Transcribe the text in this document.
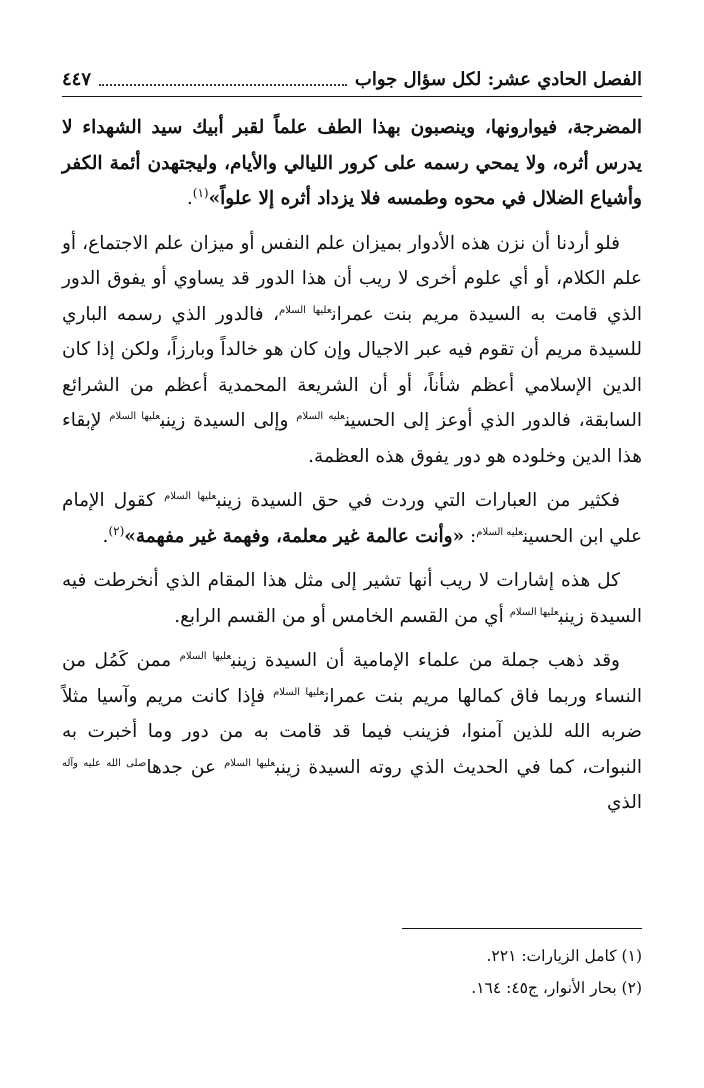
الفصل الحادي عشر: لكل سؤال جواب
٤٤٧

المضرجة، فيوارونها، وينصبون بهذا الطف علماً لقبر أبيك سيد الشهداء لا يدرس أثره، ولا يمحي رسمه على كرور الليالي والأيام، وليجتهدن أئمة الكفر وأشياع الضلال في محوه وطمسه فلا يزداد أثره إلا علواً»$^{(١)}$.

فلو أردنا أن نزن هذه الأدوار بميزان علم النفس أو ميزان علم الاجتماع، أو علم الكلام، أو أي علوم أخرى لا ريب أن هذا الدور قد يساوي أو يفوق الدور الذي قامت به السيدة مريم بنت عمران$^{عليها السلام}$، فالدور الذي رسمه الباري للسيدة مريم أن تقوم فيه عبر الاجيال وإن كان هو خالداً وبارزاً، ولكن إذا كان الدين الإسلامي أعظم شأناً، أو أن الشريعة المحمدية أعظم من الشرائع السابقة، فالدور الذي أوعز إلى الحسين$^{عليه السلام}$ وإلى السيدة زينب$^{عليها السلام}$ لإبقاء هذا الدين وخلوده هو دور يفوق هذه العظمة.

فكثير من العبارات التي وردت في حق السيدة زينب$^{عليها السلام}$ كقول الإمام علي ابن الحسين$^{عليه السلام}$: «وأنت عالمة غير معلمة، وفهمة غير مفهمة»$^{(٢)}$.

كل هذه إشارات لا ريب أنها تشير إلى مثل هذا المقام الذي أنخرطت فيه السيدة زينب$^{عليها السلام}$ أي من القسم الخامس أو من القسم الرابع.

وقد ذهب جملة من علماء الإمامية أن السيدة زينب$^{عليها السلام}$ ممن كَمُل من النساء وربما فاق كمالها مريم بنت عمران$^{عليها السلام}$ فإذا كانت مريم وآسيا مثلاً ضربه الله للذين آمنوا، فزينب فيما قد قامت به من دور وما أخبرت به النبوات، كما في الحديث الذي روته السيدة زينب$^{عليها السلام}$ عن جدها$^{صلى الله عليه وآله}$ الذي

(١) كامل الزيارات: ٢٢١.
(٢) بحار الأنوار، ج٤٥: ١٦٤.
